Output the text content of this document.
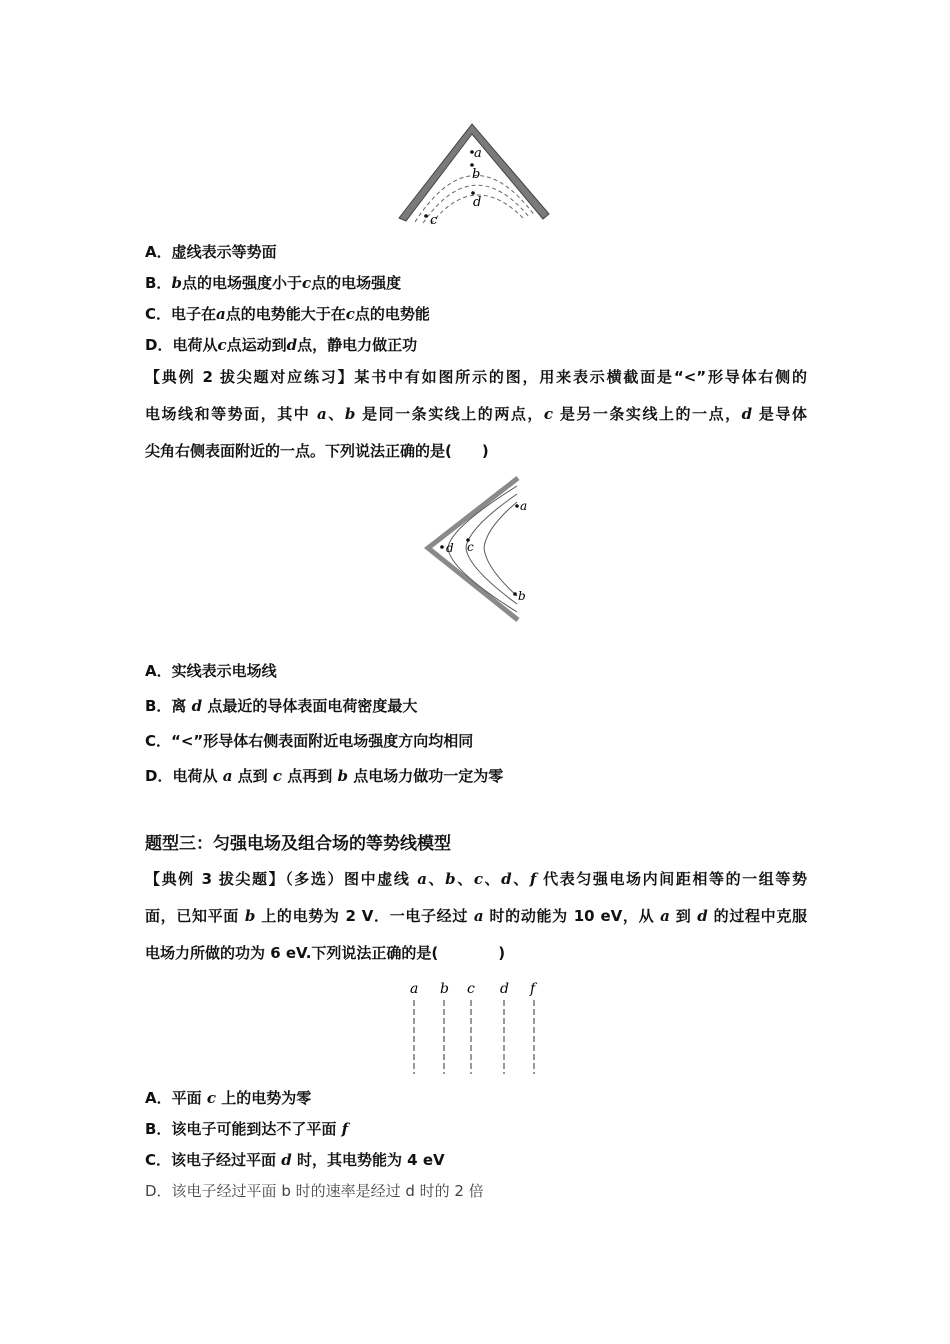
a
b
c
d
A．虚线表示等势面
B．b点的电场强度小于c点的电场强度
C．电子在a点的电势能大于在c点的电势能
D．电荷从c点运动到d点，静电力做正功
【典例 2 拔尖题对应练习】某书中有如图所示的图，用来表示横截面是“<”形导体右侧的
电场线和等势面，其中 a、b 是同一条实线上的两点，c 是另一条实线上的一点，d 是导体
尖角右侧表面附近的一点。下列说法正确的是(　　)
a
b
c
d
A．实线表示电场线
B．离 d 点最近的导体表面电荷密度最大
C．“<”形导体右侧表面附近电场强度方向均相同
D．电荷从 a 点到 c 点再到 b 点电场力做功一定为零
题型三：匀强电场及组合场的等势线模型
【典例 3 拔尖题】（多选）图中虚线 a、b、c、d、f 代表匀强电场内间距相等的一组等势
面，已知平面 b 上的电势为 2 V．一电子经过 a 时的动能为 10 eV，从 a 到 d 的过程中克服
电场力所做的功为 6 eV.下列说法正确的是(　　　　)
a b c d f
A．平面 c 上的电势为零
B．该电子可能到达不了平面 f
C．该电子经过平面 d 时，其电势能为 4 eV
D．该电子经过平面 b 时的速率是经过 d 时的 2 倍
